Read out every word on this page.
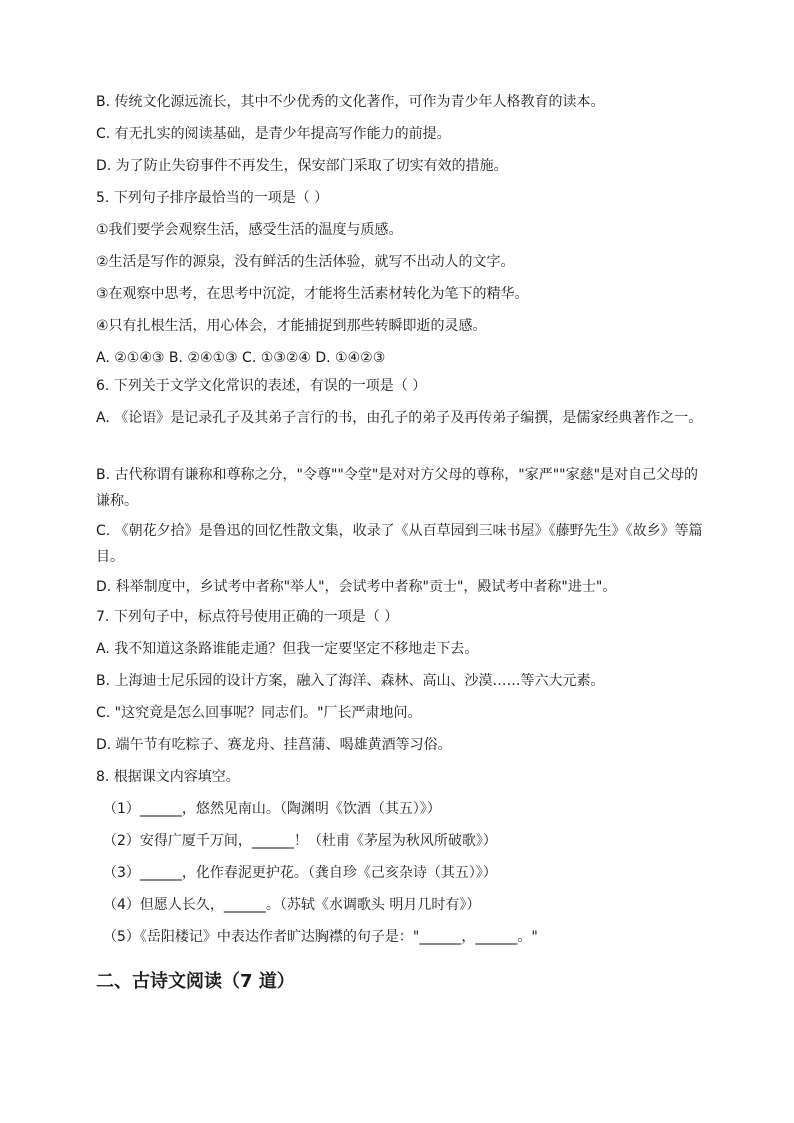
B. 传统文化源远流长，其中不少优秀的文化著作，可作为青少年人格教育的读本。
C. 有无扎实的阅读基础，是青少年提高写作能力的前提。
D. 为了防止失窃事件不再发生，保安部门采取了切实有效的措施。
5. 下列句子排序最恰当的一项是（ ）
①我们要学会观察生活，感受生活的温度与质感。
②生活是写作的源泉，没有鲜活的生活体验，就写不出动人的文字。
③在观察中思考，在思考中沉淀，才能将生活素材转化为笔下的精华。
④只有扎根生活，用心体会，才能捕捉到那些转瞬即逝的灵感。
A. ②①④③ B. ②④①③ C. ①③②④ D. ①④②③
6. 下列关于文学文化常识的表述，有误的一项是（ ）
A. 《论语》是记录孔子及其弟子言行的书，由孔子的弟子及再传弟子编撰，是儒家经典著作之一。
B. 古代称谓有谦称和尊称之分，"令尊""令堂"是对对方父母的尊称，"家严""家慈"是对自己父母的谦称。
C. 《朝花夕拾》是鲁迅的回忆性散文集，收录了《从百草园到三味书屋》《藤野先生》《故乡》等篇目。
D. 科举制度中，乡试考中者称"举人"，会试考中者称"贡士"，殿试考中者称"进士"。
7. 下列句子中，标点符号使用正确的一项是（ ）
A. 我不知道这条路谁能走通？但我一定要坚定不移地走下去。
B. 上海迪士尼乐园的设计方案，融入了海洋、森林、高山、沙漠……等六大元素。
C. "这究竟是怎么回事呢？同志们。"厂长严肃地问。
D. 端午节有吃粽子、赛龙舟、挂菖蒲、喝雄黄酒等习俗。
8. 根据课文内容填空。
（1）______，悠然见南山。（陶渊明《饮酒（其五）》）
（2）安得广厦千万间，______！（杜甫《茅屋为秋风所破歌》）
（3）______，化作春泥更护花。（龚自珍《己亥杂诗（其五）》）
（4）但愿人长久，______。（苏轼《水调歌头 明月几时有》）
（5）《岳阳楼记》中表达作者旷达胸襟的句子是："______，______。"
二、古诗文阅读（7 道）
